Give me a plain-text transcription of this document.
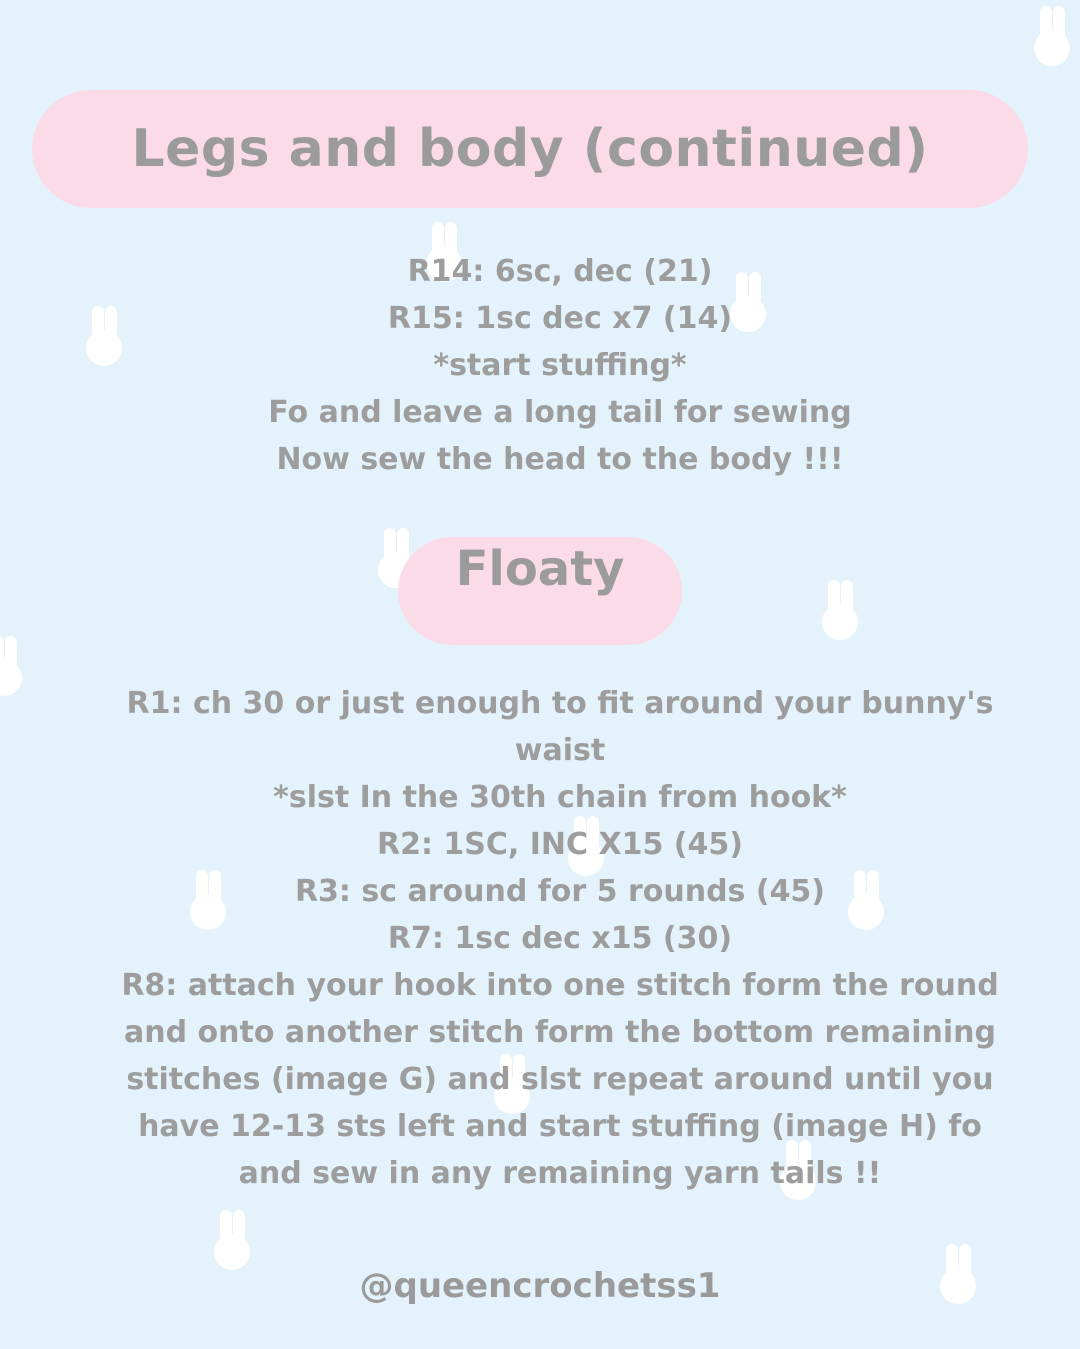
Legs and body (continued)
R14: 6sc, dec (21)
R15: 1sc dec x7 (14)
*start stuffing*
Fo and leave a long tail for sewing
Now sew the head to the body !!!
Floaty
R1: ch 30 or just enough to fit around your bunny's
waist
*slst In the 30th chain from hook*
R2: 1SC, INC X15 (45)
R3: sc around for 5 rounds (45)
R7: 1sc dec x15 (30)
R8: attach your hook into one stitch form the round
and onto another stitch form the bottom remaining
stitches (image G) and slst repeat around until you
have 12-13 sts left and start stuffing (image H) fo
and sew in any remaining yarn tails !!
@queencrochetss1
